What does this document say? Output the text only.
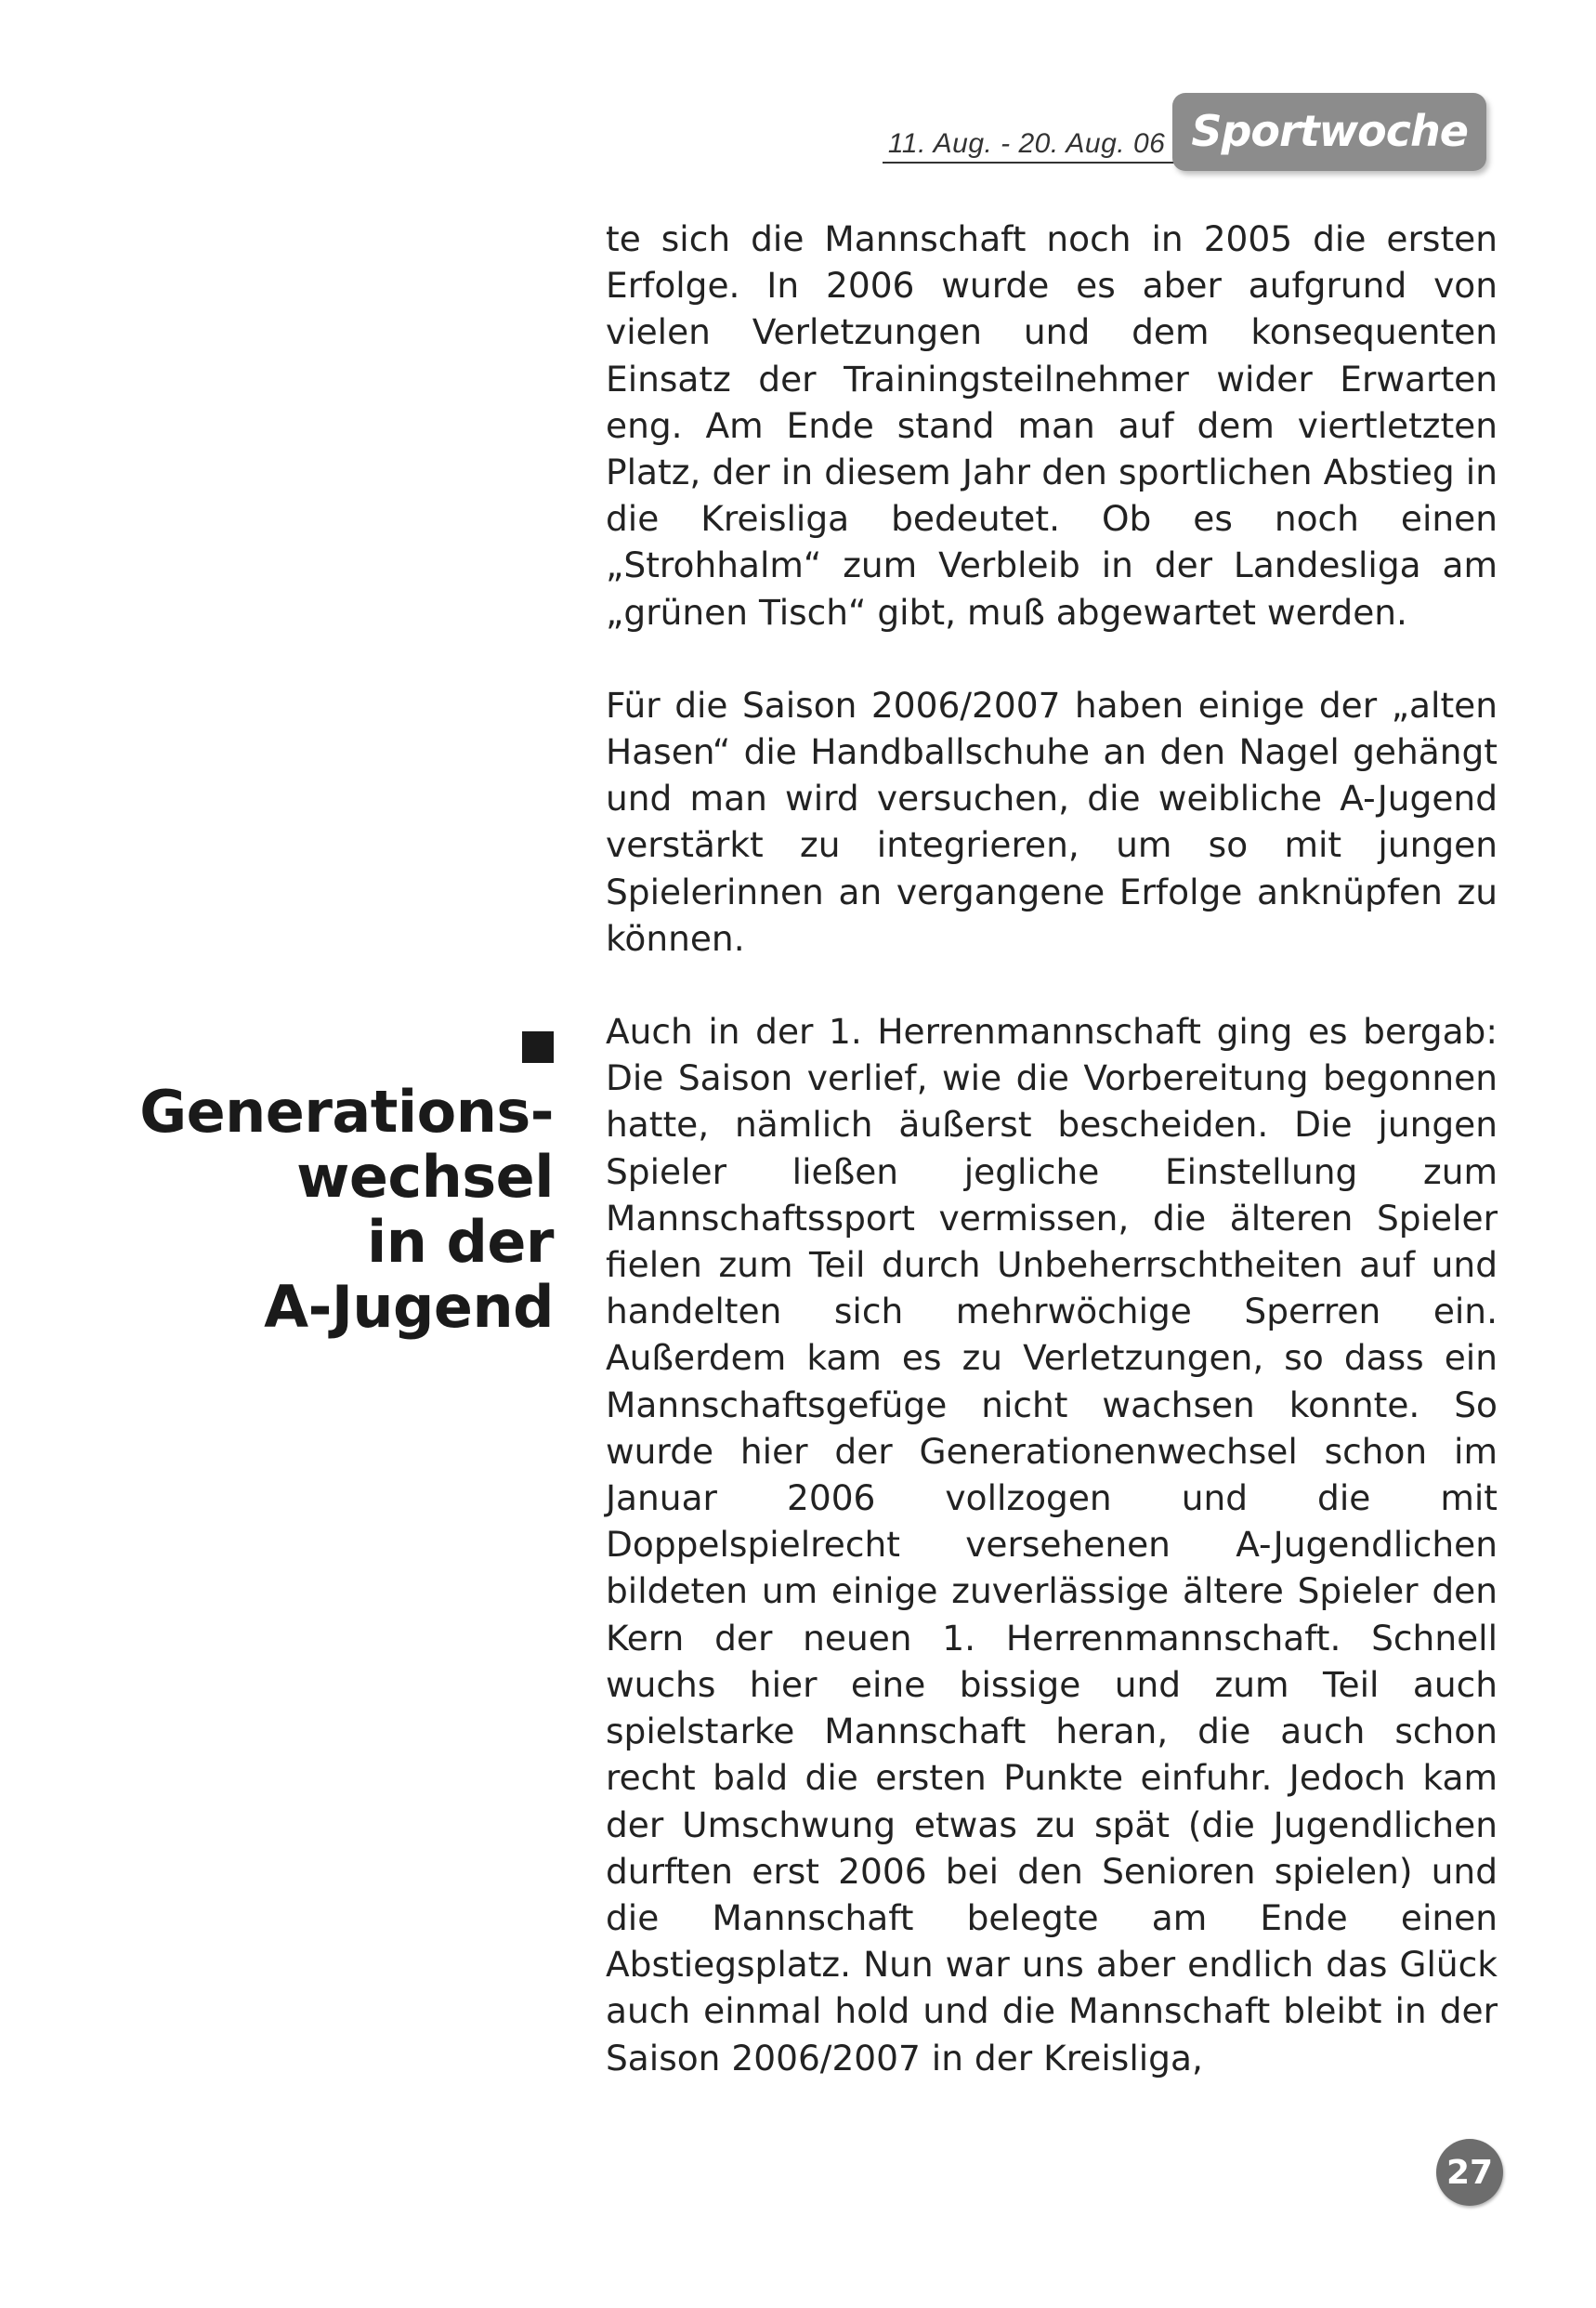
11. Aug. - 20. Aug. 06 Sportwoche
Generations-
wechsel
in der
A-Jugend

te sich die Mannschaft noch in 2005 die ersten Erfolge. In 2006 wurde es aber aufgrund von vielen Verletzungen und dem konsequenten Einsatz der Trainingsteilnehmer wider Erwarten eng. Am Ende stand man auf dem viertletzten Platz, der in diesem Jahr den sportlichen Abstieg in die Kreisliga bedeutet. Ob es noch einen „Strohhalm“ zum Verbleib in der Landesliga am „grünen Tisch“ gibt, muß abgewartet werden.

Für die Saison 2006/2007 haben einige der „alten Hasen“ die Handballschuhe an den Nagel gehängt und man wird versuchen, die weibliche A-Jugend verstärkt zu integrieren, um so mit jungen Spielerinnen an vergangene Erfolge anknüpfen zu können.

Auch in der 1. Herrenmannschaft ging es bergab: Die Saison verlief, wie die Vorbereitung begonnen hatte, nämlich äußerst bescheiden. Die jungen Spieler ließen jegliche Einstellung zum Mannschaftssport vermissen, die älteren Spieler fielen zum Teil durch Unbeherrschtheiten auf und handelten sich mehrwöchige Sperren ein. Außerdem kam es zu Verletzungen, so dass ein Mannschaftsgefüge nicht wachsen konnte. So wurde hier der Generationenwechsel schon im Januar 2006 vollzogen und die mit Doppelspielrecht versehenen A-Jugendlichen bildeten um einige zuverlässige ältere Spieler den Kern der neuen 1. Herrenmannschaft. Schnell wuchs hier eine bissige und zum Teil auch spielstarke Mannschaft heran, die auch schon recht bald die ersten Punkte einfuhr. Jedoch kam der Umschwung etwas zu spät (die Jugendlichen durften erst 2006 bei den Senioren spielen) und die Mannschaft belegte am Ende einen Abstiegsplatz. Nun war uns aber endlich das Glück auch einmal hold und die Mannschaft bleibt in der Saison 2006/2007 in der Kreisliga,

27
